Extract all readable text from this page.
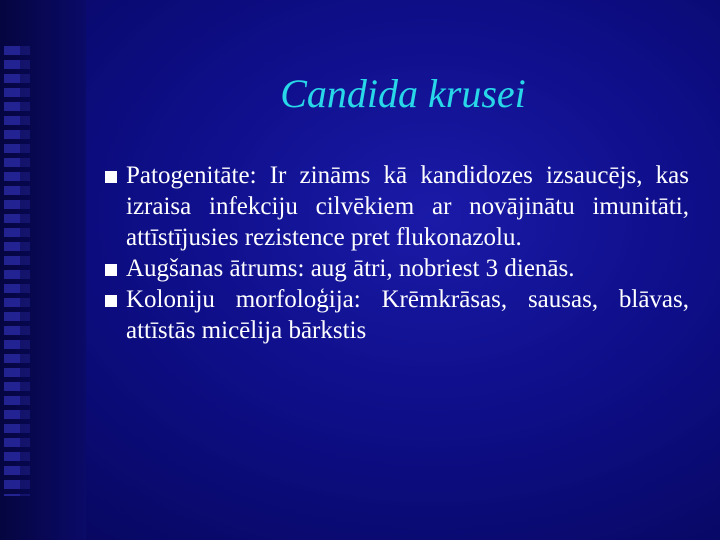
Candida krusei
Patogenitāte: Ir zināms kā kandidozes izsaucējs, kas izraisa infekciju cilvēkiem ar novājinātu imunitāti, attīstījusies rezistence pret flukonazolu.
Augšanas ātrums: aug ātri, nobriest 3 dienās.
Koloniju morfoloģija: Krēmkrāsas, sausas, blāvas, attīstās micēlija bārkstis
